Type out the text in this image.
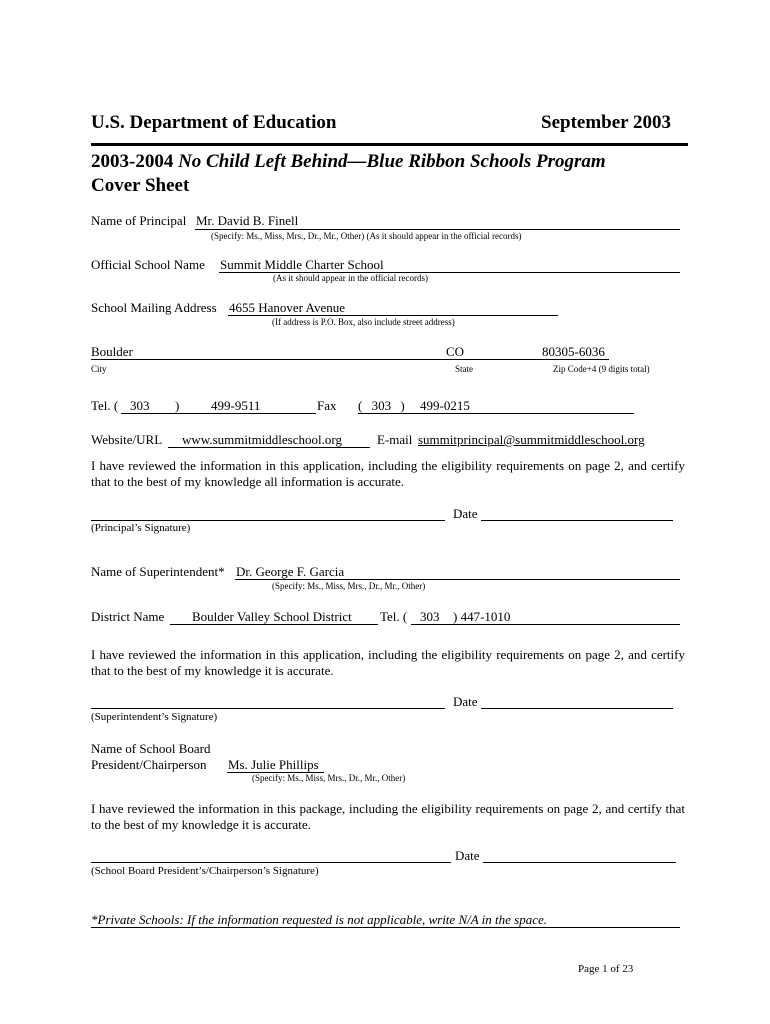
U.S. Department of Education	September 2003
2003-2004 No Child Left Behind—Blue Ribbon Schools Program
Cover Sheet
Name of Principal Mr. David B. Finell
(Specify: Ms., Miss, Mrs., Dr., Mr., Other) (As it should appear in the official records)
Official School Name Summit Middle Charter School
(As it should appear in the official records)
School Mailing Address 4655 Hanover Avenue
(If address is P.O. Box, also include street address)
Boulder	CO	80305-6036
City	State	Zip Code+4 (9 digits total)
Tel. ( 303 ) 499-9511	Fax ( 303 ) 499-0215
Website/URL www.summitmiddleschool.org	E-mail summitprincipal@summitmiddleschool.org
I have reviewed the information in this application, including the eligibility requirements on page 2, and certify that to the best of my knowledge all information is accurate.
Date
(Principal’s Signature)
Name of Superintendent* Dr. George F. Garcia
(Specify: Ms., Miss, Mrs., Dr., Mr., Other)
District Name Boulder Valley School District Tel. ( 303 ) 447-1010
I have reviewed the information in this application, including the eligibility requirements on page 2, and certify that to the best of my knowledge it is accurate.
Date
(Superintendent’s Signature)
Name of School Board
President/Chairperson Ms. Julie Phillips
(Specify: Ms., Miss, Mrs., Dr., Mr., Other)
I have reviewed the information in this package, including the eligibility requirements on page 2, and certify that to the best of my knowledge it is accurate.
Date
(School Board President’s/Chairperson’s Signature)
*Private Schools: If the information requested is not applicable, write N/A in the space.
Page 1 of 23
